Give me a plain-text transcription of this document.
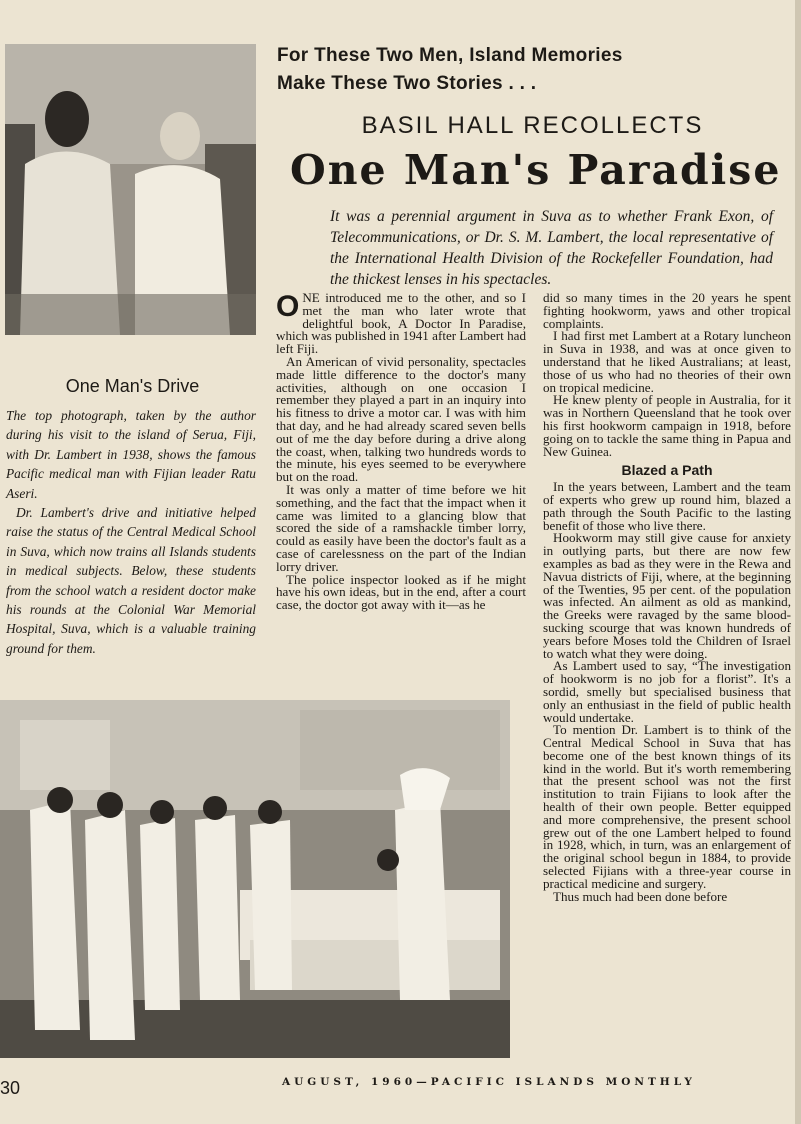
For These Two Men, Island Memories
Make These Two Stories . . .
BASIL HALL RECOLLECTS
One Man's Paradise
It was a perennial argument in Suva as to whether Frank Exon, of Telecommunications, or Dr. S. M. Lambert, the local representative of the International Health Division of the Rockefeller Foundation, had the thickest lenses in his spectacles.
One Man's Drive

The top photograph, taken by the author during his visit to the island of Serua, Fiji, with Dr. Lambert in 1938, shows the famous Pacific medical man with Fijian leader Ratu Aseri.

Dr. Lambert's drive and initiative helped raise the status of the Central Medical School in Suva, which now trains all Islands students in medical subjects. Below, these students from the school watch a resident doctor make his rounds at the Colonial War Memorial Hospital, Suva, which is a valuable training ground for them.

ONE introduced me to the other, and so I met the man who later wrote that delightful book, A Doctor In Paradise, which was published in 1941 after Lambert had left Fiji.

An American of vivid personality, spectacles made little difference to the doctor's many activities, although on one occasion I remember they played a part in an inquiry into his fitness to drive a motor car. I was with him that day, and he had already scared seven bells out of me the day before during a drive along the coast, when, talking two hundreds words to the minute, his eyes seemed to be everywhere but on the road.

It was only a matter of time before we hit something, and the fact that the impact when it came was limited to a glancing blow that scored the side of a ramshackle timber lorry, could as easily have been the doctor's fault as a case of carelessness on the part of the Indian lorry driver.

The police inspector looked as if he might have his own ideas, but in the end, after a court case, the doctor got away with it—as he

did so many times in the 20 years he spent fighting hookworm, yaws and other tropical complaints.

I had first met Lambert at a Rotary luncheon in Suva in 1938, and was at once given to understand that he liked Australians; at least, those of us who had no theories of their own on tropical medicine.

He knew plenty of people in Australia, for it was in Northern Queensland that he took over his first hookworm campaign in 1918, before going on to tackle the same thing in Papua and New Guinea.

Blazed a Path

In the years between, Lambert and the team of experts who grew up round him, blazed a path through the South Pacific to the lasting benefit of those who live there.

Hookworm may still give cause for anxiety in outlying parts, but there are now few examples as bad as they were in the Rewa and Navua districts of Fiji, where, at the beginning of the Twenties, 95 per cent. of the population was infected. An ailment as old as mankind, the Greeks were ravaged by the same blood-sucking scourge that was known hundreds of years before Moses told the Children of Israel to watch what they were doing.

As Lambert used to say, “The investigation of hookworm is no job for a florist”. It's a sordid, smelly but specialised business that only an enthusiast in the field of public health would undertake.

To mention Dr. Lambert is to think of the Central Medical School in Suva that has become one of the best known things of its kind in the world. But it's worth remembering that the present school was not the first institution to train Fijians to look after the health of their own people. Better equipped and more comprehensive, the present school grew out of the one Lambert helped to found in 1928, which, in turn, was an enlargement of the original school begun in 1884, to provide selected Fijians with a three-year course in practical medicine and surgery.

Thus much had been done before

30	AUGUST, 1960—PACIFIC ISLANDS MONTHLY
